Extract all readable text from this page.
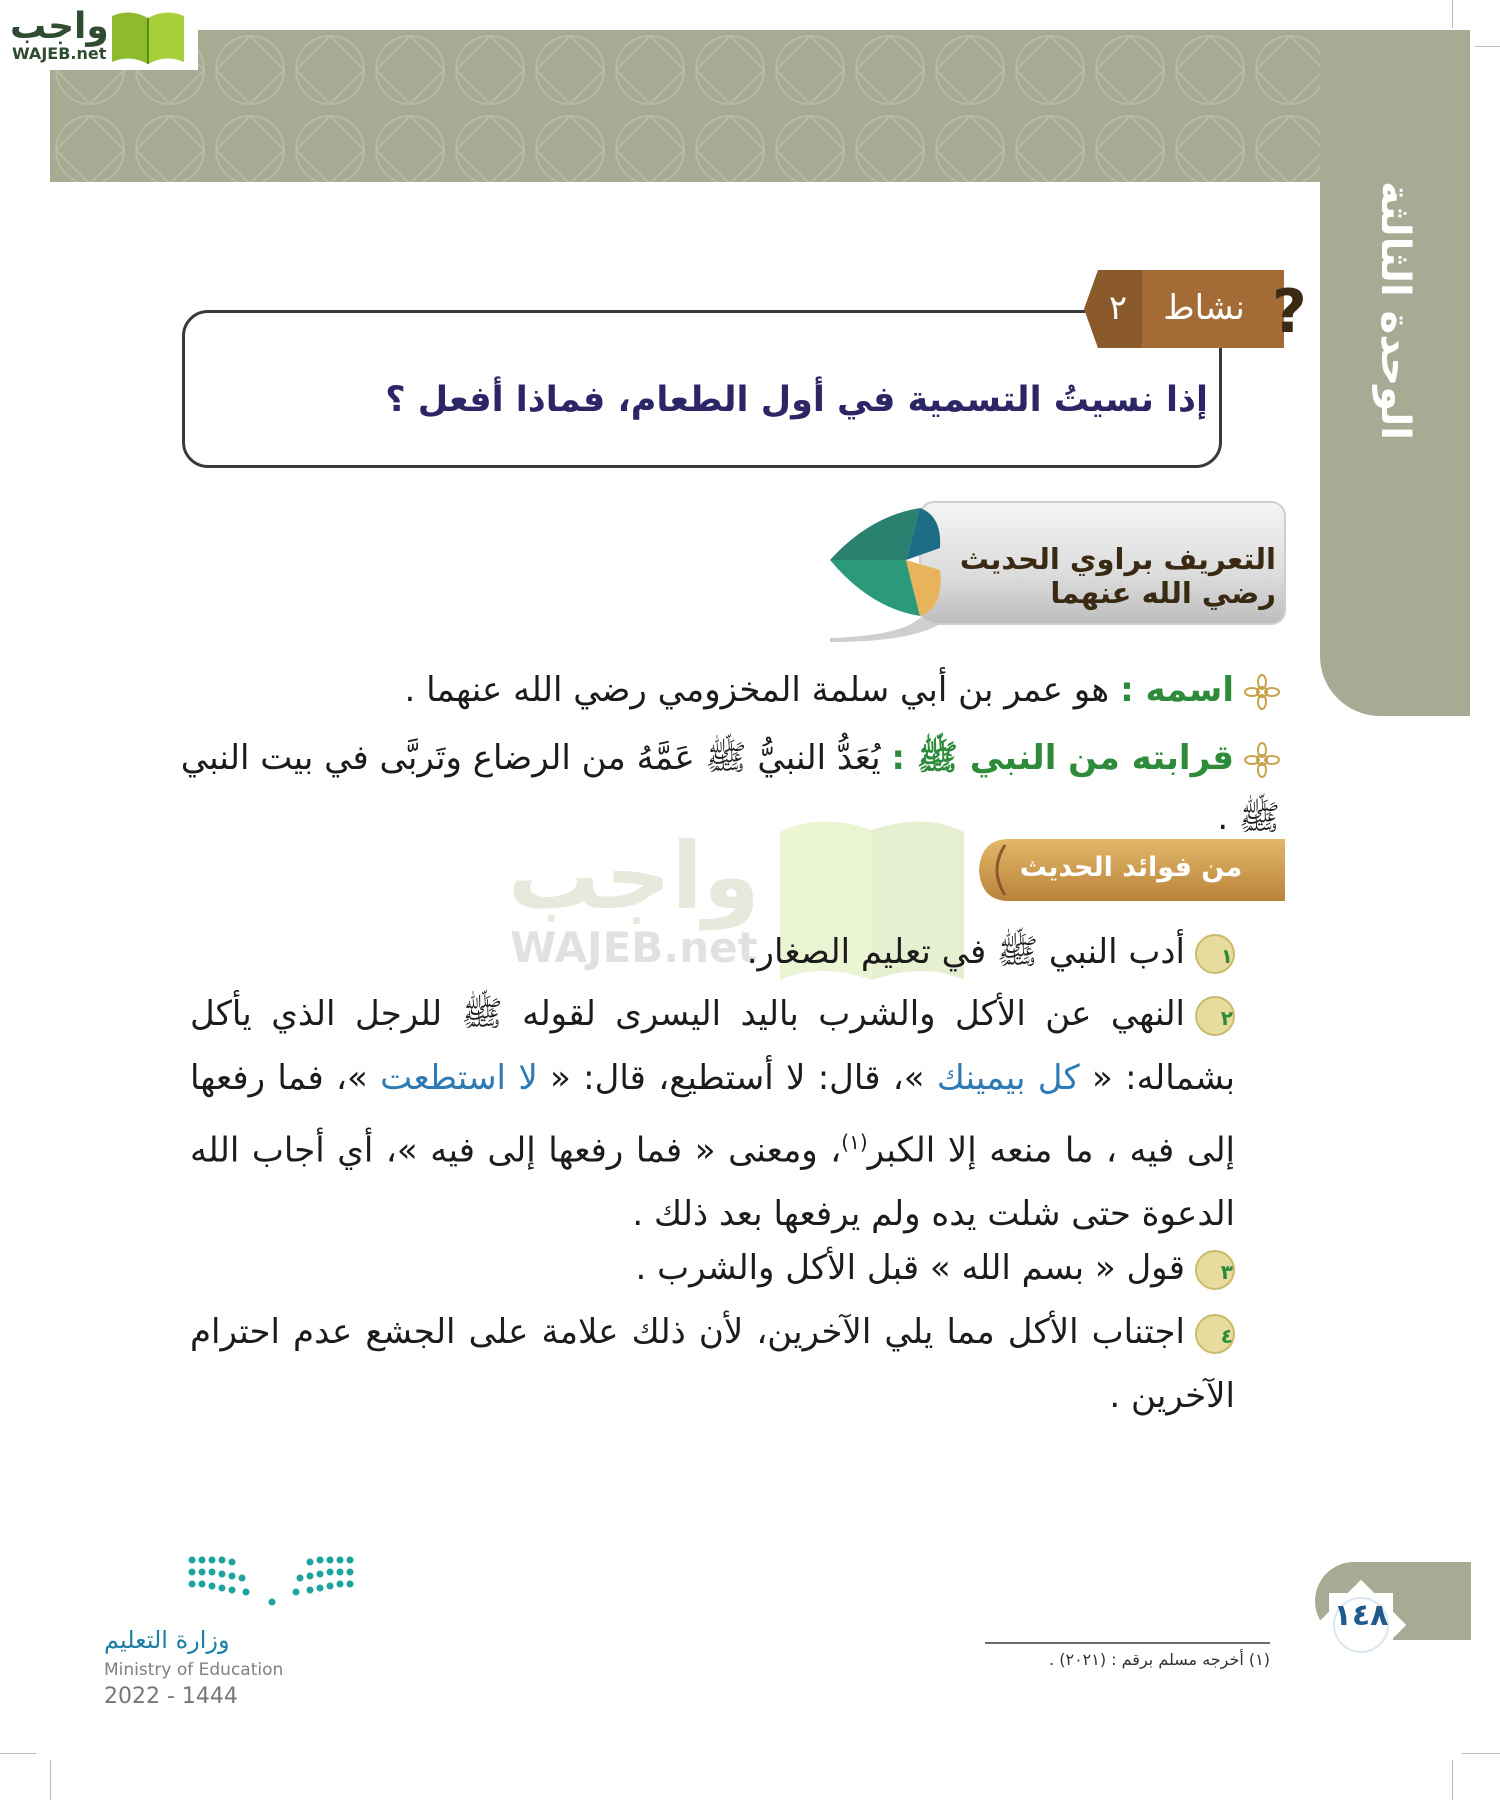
الوحدة الثالثة
واجب
WAJEB.net
?
نشاط
٢
إذا نسيتُ التسمية في أول الطعام، فماذا أفعل ؟
التعريف براوي الحديث رضي الله عنهما
اسمه : هو عمر بن أبي سلمة المخزومي رضي الله عنهما .
قرابته من النبي ﷺ : يُعَدُّ النبيُّ ﷺ عَمَّهُ من الرضاع وتَربَّى في بيت النبي ﷺ .
من فوائد الحديث
واجب
WAJEB.net	١أدب النبي ﷺ في تعليم الصغار.
٢النهي عن الأكل والشرب باليد اليسرى لقوله ﷺ للرجل الذي يأكل بشماله: « كل بيمينك »، قال: لا أستطيع، قال: « لا استطعت »، فما رفعها إلى فيه ، ما منعه إلا الكبر$^{(١)}$، ومعنى « فما رفعها إلى فيه »، أي أجاب الله الدعوة حتى شلت يده ولم يرفعها بعد ذلك .
٣قول « بسم الله » قبل الأكل والشرب .
٤اجتناب الأكل مما يلي الآخرين، لأن ذلك علامة على الجشع عدم احترام الآخرين .
(١) أخرجه مسلم برقم : (٢٠٢١) .
١٤٨
وزارة التعليم
Ministry of Education
2022 - 1444
